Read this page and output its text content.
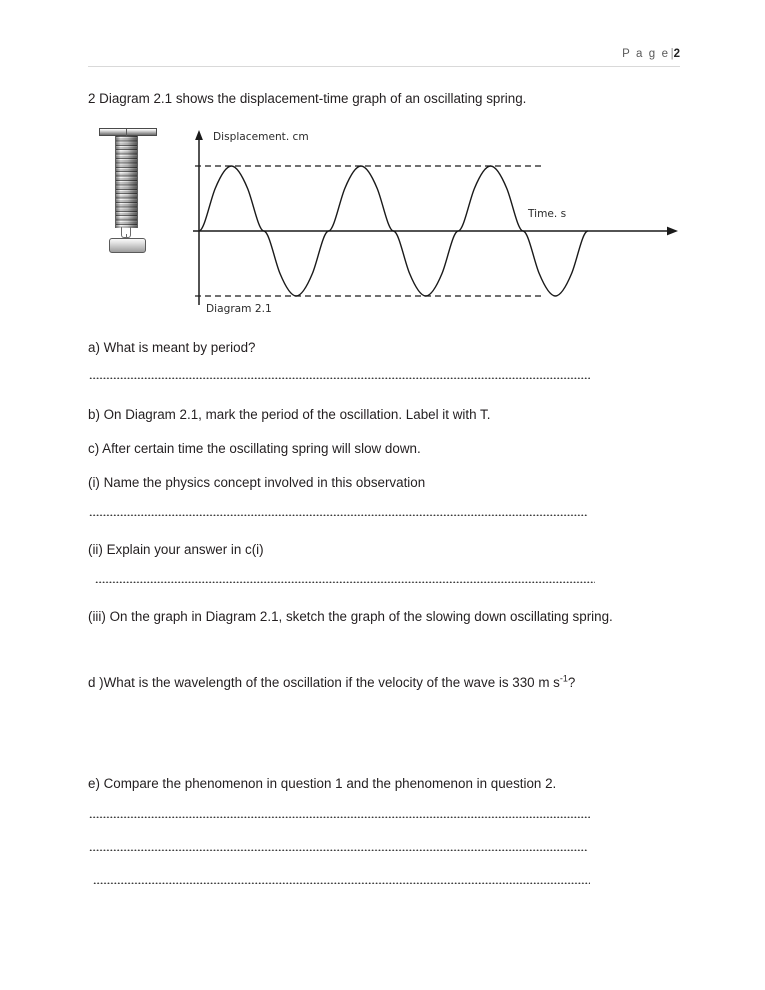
P a g e|2
2 Diagram 2.1 shows the displacement-time graph of an oscillating spring.
Displacement. cm
Time. s
Diagram 2.1
a) What is meant by period?
b) On Diagram 2.1, mark the period of the oscillation. Label it with T.
c) After certain time the oscillating spring will slow down.
(i) Name the physics concept involved in this observation
(ii) Explain your answer in c(i)
(iii) On the graph in Diagram 2.1, sketch the graph of the slowing down oscillating spring.
d )What is the wavelength of the oscillation if the velocity of the wave is 330 m $s^{-1}$?
e) Compare the phenomenon in question 1 and the phenomenon in question 2.
